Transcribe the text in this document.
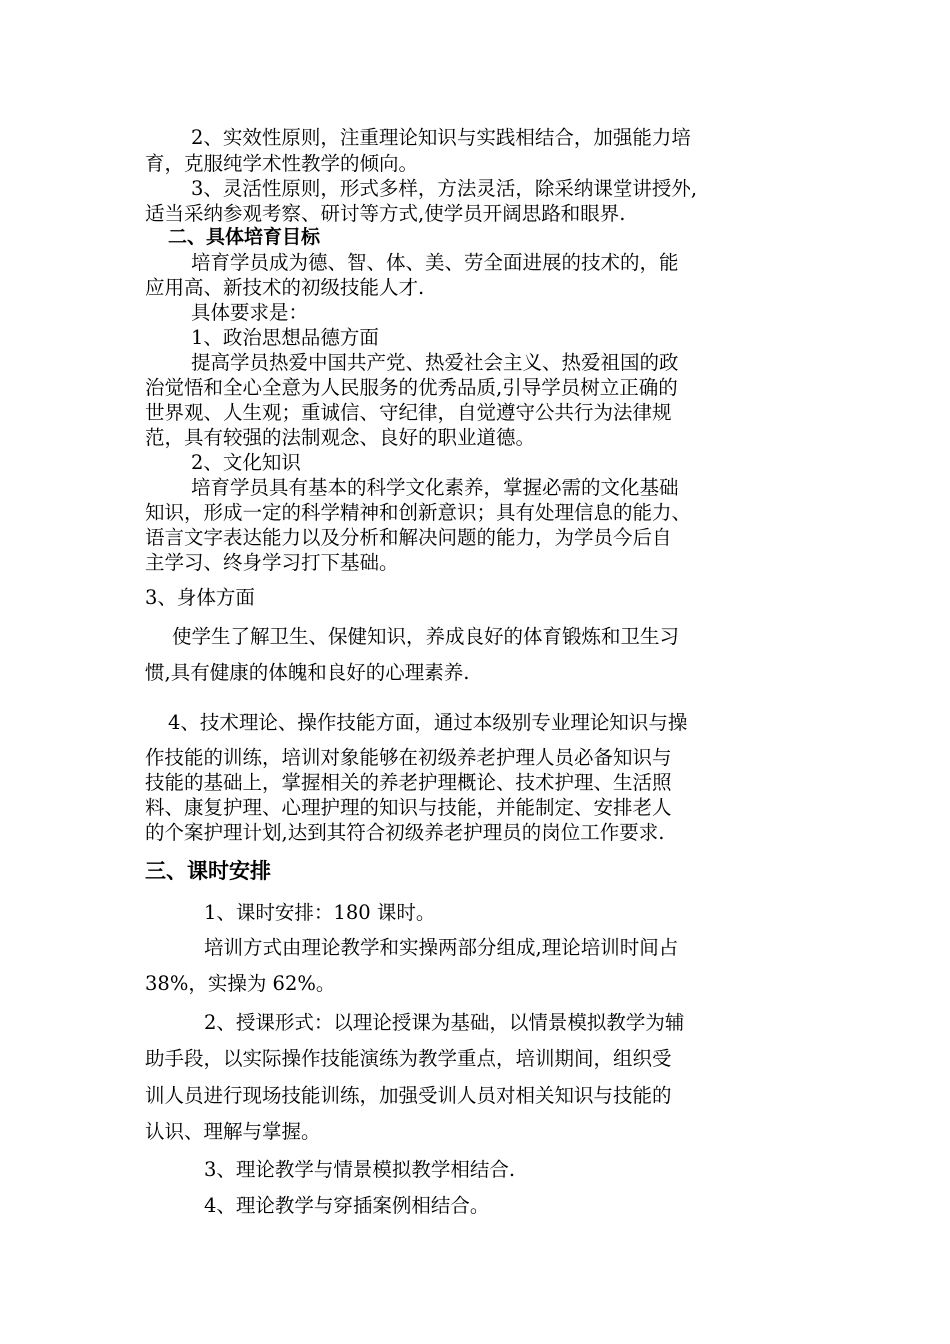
2、实效性原则，注重理论知识与实践相结合，加强能力培
育，克服纯学术性教学的倾向。
3、灵活性原则，形式多样，方法灵活，除采纳课堂讲授外,
适当采纳参观考察、研讨等方式,使学员开阔思路和眼界.
二、具体培育目标
培育学员成为德、智、体、美、劳全面进展的技术的，能
应用高、新技术的初级技能人才.
具体要求是：
1、政治思想品德方面
提高学员热爱中国共产党、热爱社会主义、热爱祖国的政
治觉悟和全心全意为人民服务的优秀品质,引导学员树立正确的
世界观、人生观；重诚信、守纪律，自觉遵守公共行为法律规
范，具有较强的法制观念、良好的职业道德。
2、文化知识
培育学员具有基本的科学文化素养，掌握必需的文化基础
知识，形成一定的科学精神和创新意识；具有处理信息的能力、
语言文字表达能力以及分析和解决问题的能力，为学员今后自
主学习、终身学习打下基础。
3、身体方面
使学生了解卫生、保健知识，养成良好的体育锻炼和卫生习
惯,具有健康的体魄和良好的心理素养.
4、技术理论、操作技能方面，通过本级别专业理论知识与操
作技能的训练，培训对象能够在初级养老护理人员必备知识与
技能的基础上，掌握相关的养老护理概论、技术护理、生活照
料、康复护理、心理护理的知识与技能，并能制定、安排老人
的个案护理计划,达到其符合初级养老护理员的岗位工作要求.
三、课时安排
1、课时安排：180 课时。
培训方式由理论教学和实操两部分组成,理论培训时间占
38%，实操为 62%。
2、授课形式：以理论授课为基础，以情景模拟教学为辅
助手段，以实际操作技能演练为教学重点，培训期间，组织受
训人员进行现场技能训练，加强受训人员对相关知识与技能的
认识、理解与掌握。
3、理论教学与情景模拟教学相结合.
4、理论教学与穿插案例相结合。
